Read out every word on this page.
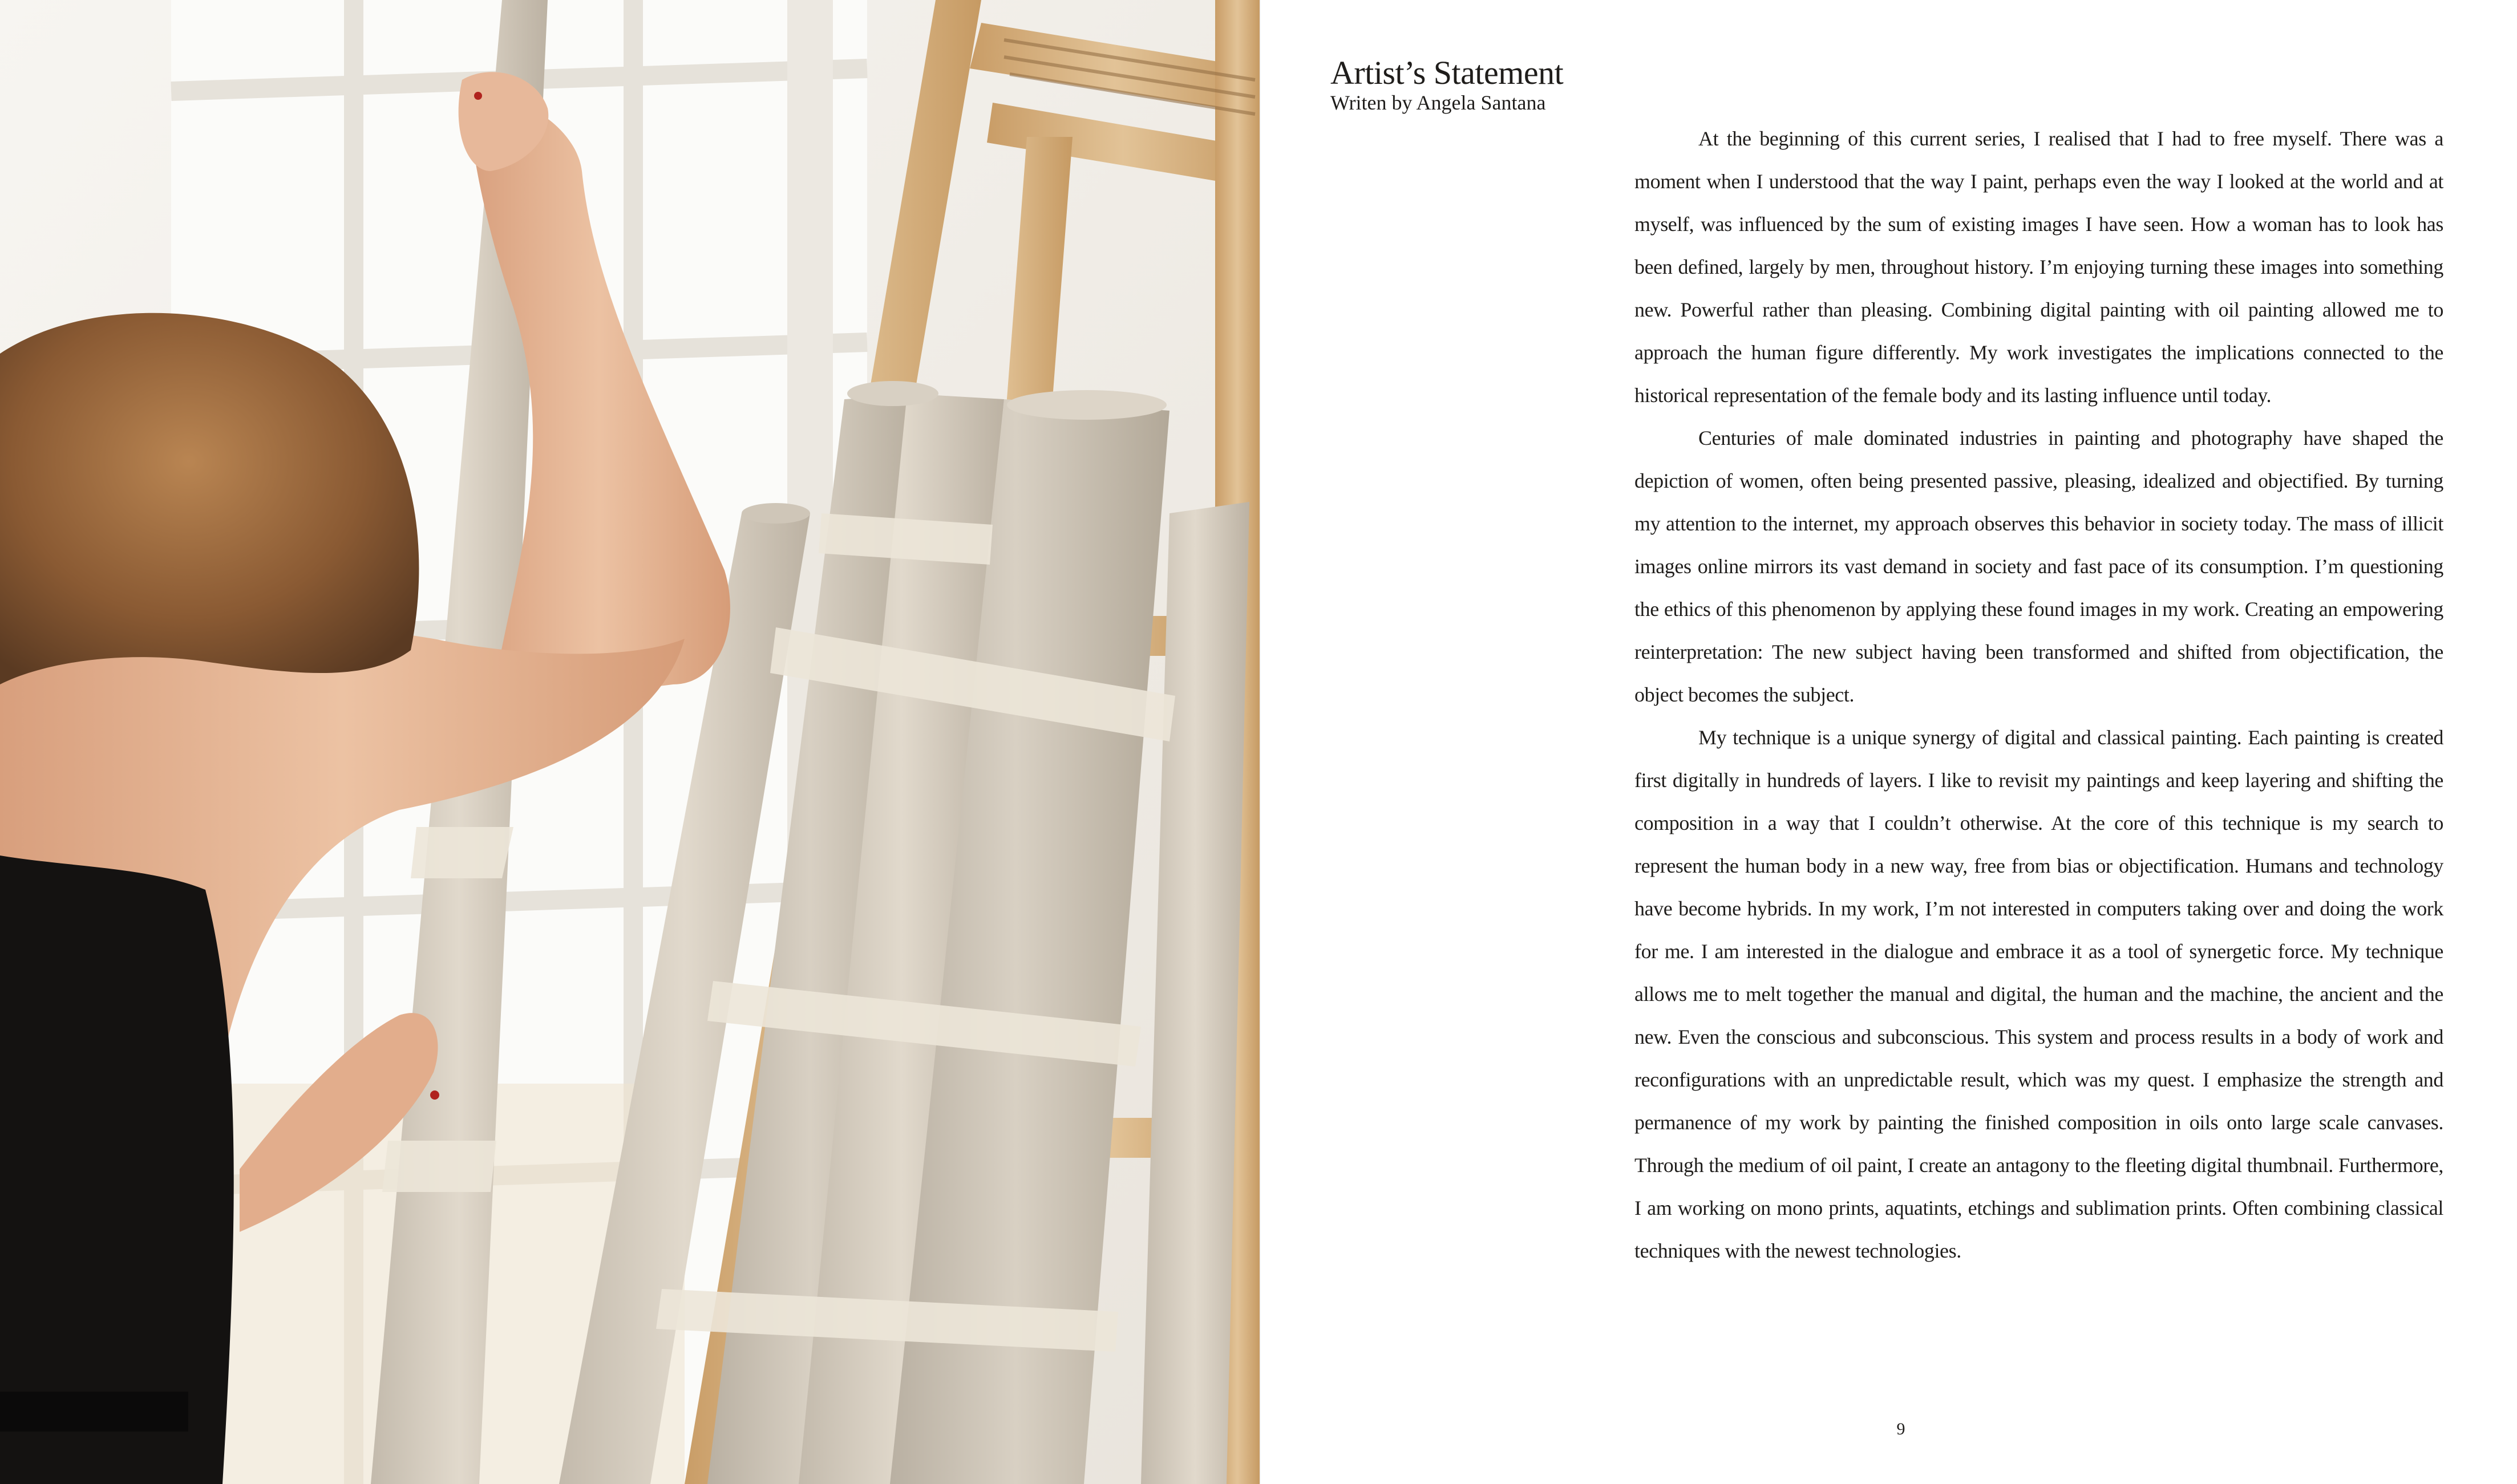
Artist’s Statement

Writen by Angela Santana

At the beginning of this current series, I realised that I had to free myself. There was a moment when I understood that the way I paint, perhaps even the way I looked at the world and at myself, was influenced by the sum of existing images I have seen. How a woman has to look has been defined, largely by men, throughout history. I’m enjoying turning these images into something new. Powerful rather than pleasing. Combining digital painting with oil painting allowed me to approach the human figure differently. My work investigates the implications connected to the historical representation of the female body and its lasting influence until today.

Centuries of male dominated industries in painting and photography have shaped the depiction of women, often being presented passive, pleasing, idealized and objectified. By turning my attention to the internet, my approach observes this behavior in society today. The mass of illicit images online mirrors its vast demand in society and fast pace of its consumption. I’m questioning the ethics of this phenomenon by applying these found images in my work. Creating an empowering reinterpretation: The new subject having been transformed and shifted from objectification, the object becomes the subject.

My technique is a unique synergy of digital and classical painting. Each painting is created first digitally in hundreds of layers. I like to revisit my paintings and keep layering and shifting the composition in a way that I couldn’t otherwise. At the core of this technique is my search to represent the human body in a new way, free from bias or objectification. Humans and technology have become hybrids. In my work, I’m not interested in computers taking over and doing the work for me. I am interested in the dialogue and embrace it as a tool of synergetic force. My technique allows me to melt together the manual and digital, the human and the machine, the ancient and the new. Even the conscious and subconscious. This system and process results in a body of work and reconfigurations with an unpredictable result, which was my quest. I emphasize the strength and permanence of my work by painting the finished composition in oils onto large scale canvases. Through the medium of oil paint, I create an antagony to the fleeting digital thumbnail. Furthermore, I am working on mono prints, aquatints, etchings and sublimation prints. Often combining classical techniques with the newest technologies.

9
